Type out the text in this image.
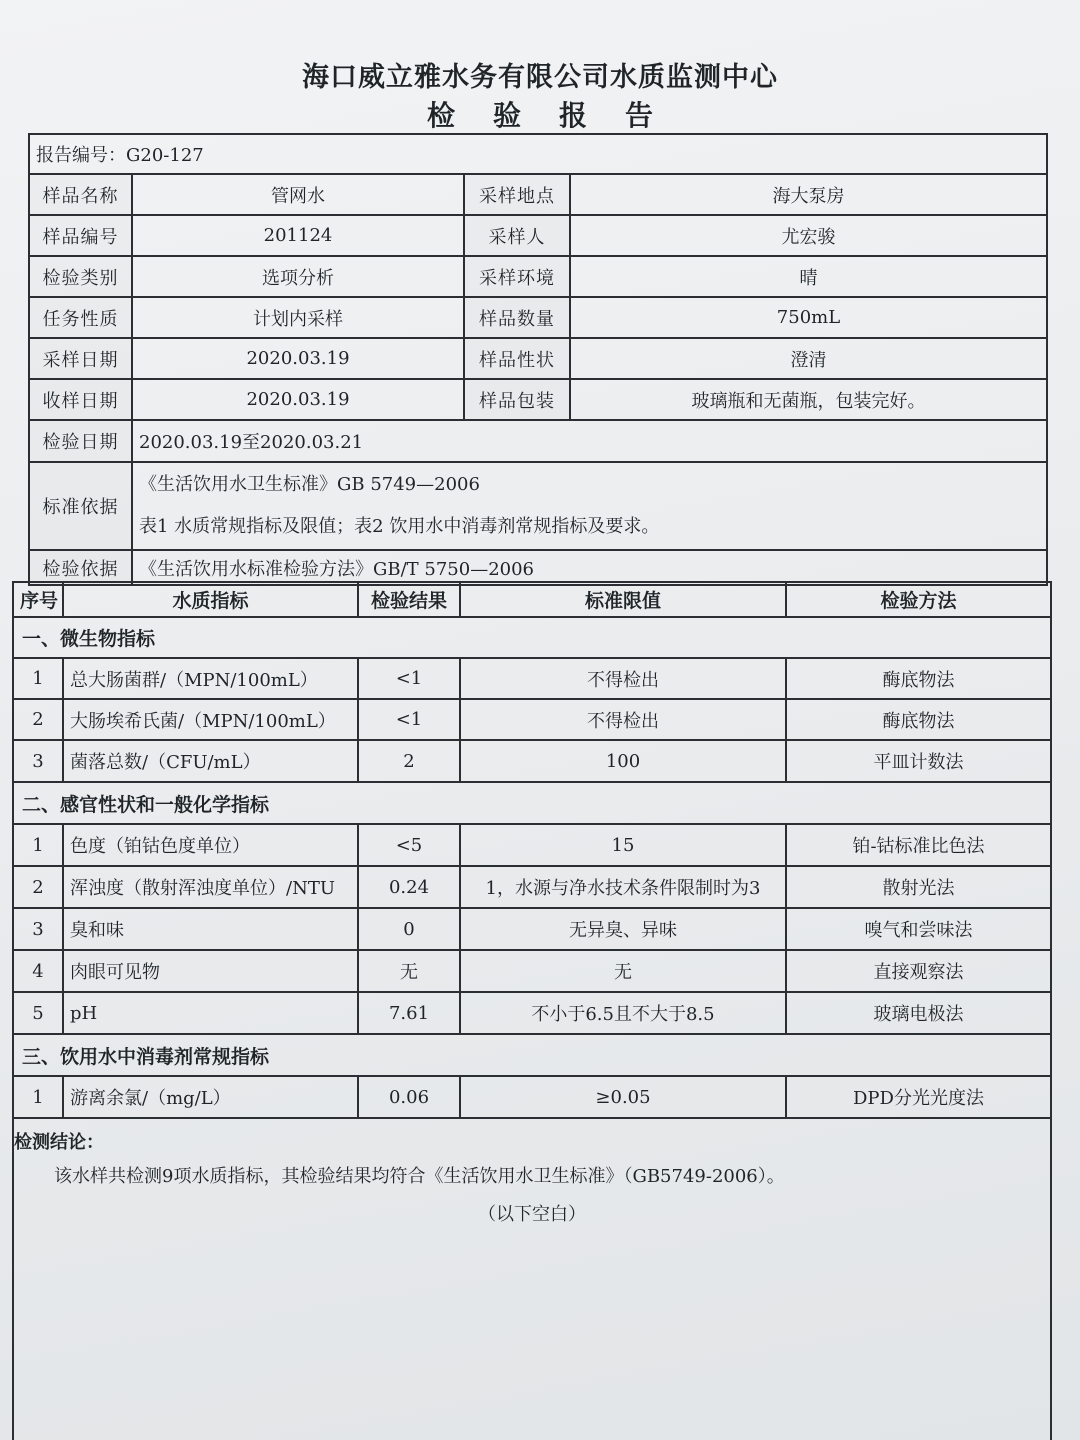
海口威立雅水务有限公司水质监测中心
检验报告
报告编号：G20-127			
样品名称	管网水	采样地点	海大泵房
样品编号	201124	采样人	尤宏骏
检验类别	选项分析	采样环境	晴
任务性质	计划内采样	样品数量	750mL
采样日期	2020.03.19	样品性状	澄清
收样日期	2020.03.19	样品包装	玻璃瓶和无菌瓶，包装完好。
检验日期	2020.03.19至2020.03.21		
标准依据	《生活饮用水卫生标准》GB 5749—2006
表1 水质常规指标及限值；表2 饮用水中消毒剂常规指标及要求。		

检验依据	《生活饮用水标准检验方法》GB/T 5750—2006		
序号	水质指标	检验结果	标准限值	检验方法
一、微生物指标				
1	总大肠菌群/（MPN/100mL）	<1	不得检出	酶底物法
2	大肠埃希氏菌/（MPN/100mL）	<1	不得检出	酶底物法
3	菌落总数/（CFU/mL）	2	100	平皿计数法
二、感官性状和一般化学指标				
1	色度（铂钴色度单位）	<5	15	铂-钴标准比色法
2	浑浊度（散射浑浊度单位）/NTU	0.24	1，水源与净水技术条件限制时为3	散射光法
3	臭和味	0	无异臭、异味	嗅气和尝味法
4	肉眼可见物	无	无	直接观察法
5	pH	7.61	不小于6.5且不大于8.5	玻璃电极法
三、饮用水中消毒剂常规指标				
1	游离余氯/（mg/L）	0.06	≥0.05	DPD分光光度法
检测结论：
该水样共检测9项水质指标，其检验结果均符合《生活饮用水卫生标准》（GB5749-2006）。
（以下空白）
